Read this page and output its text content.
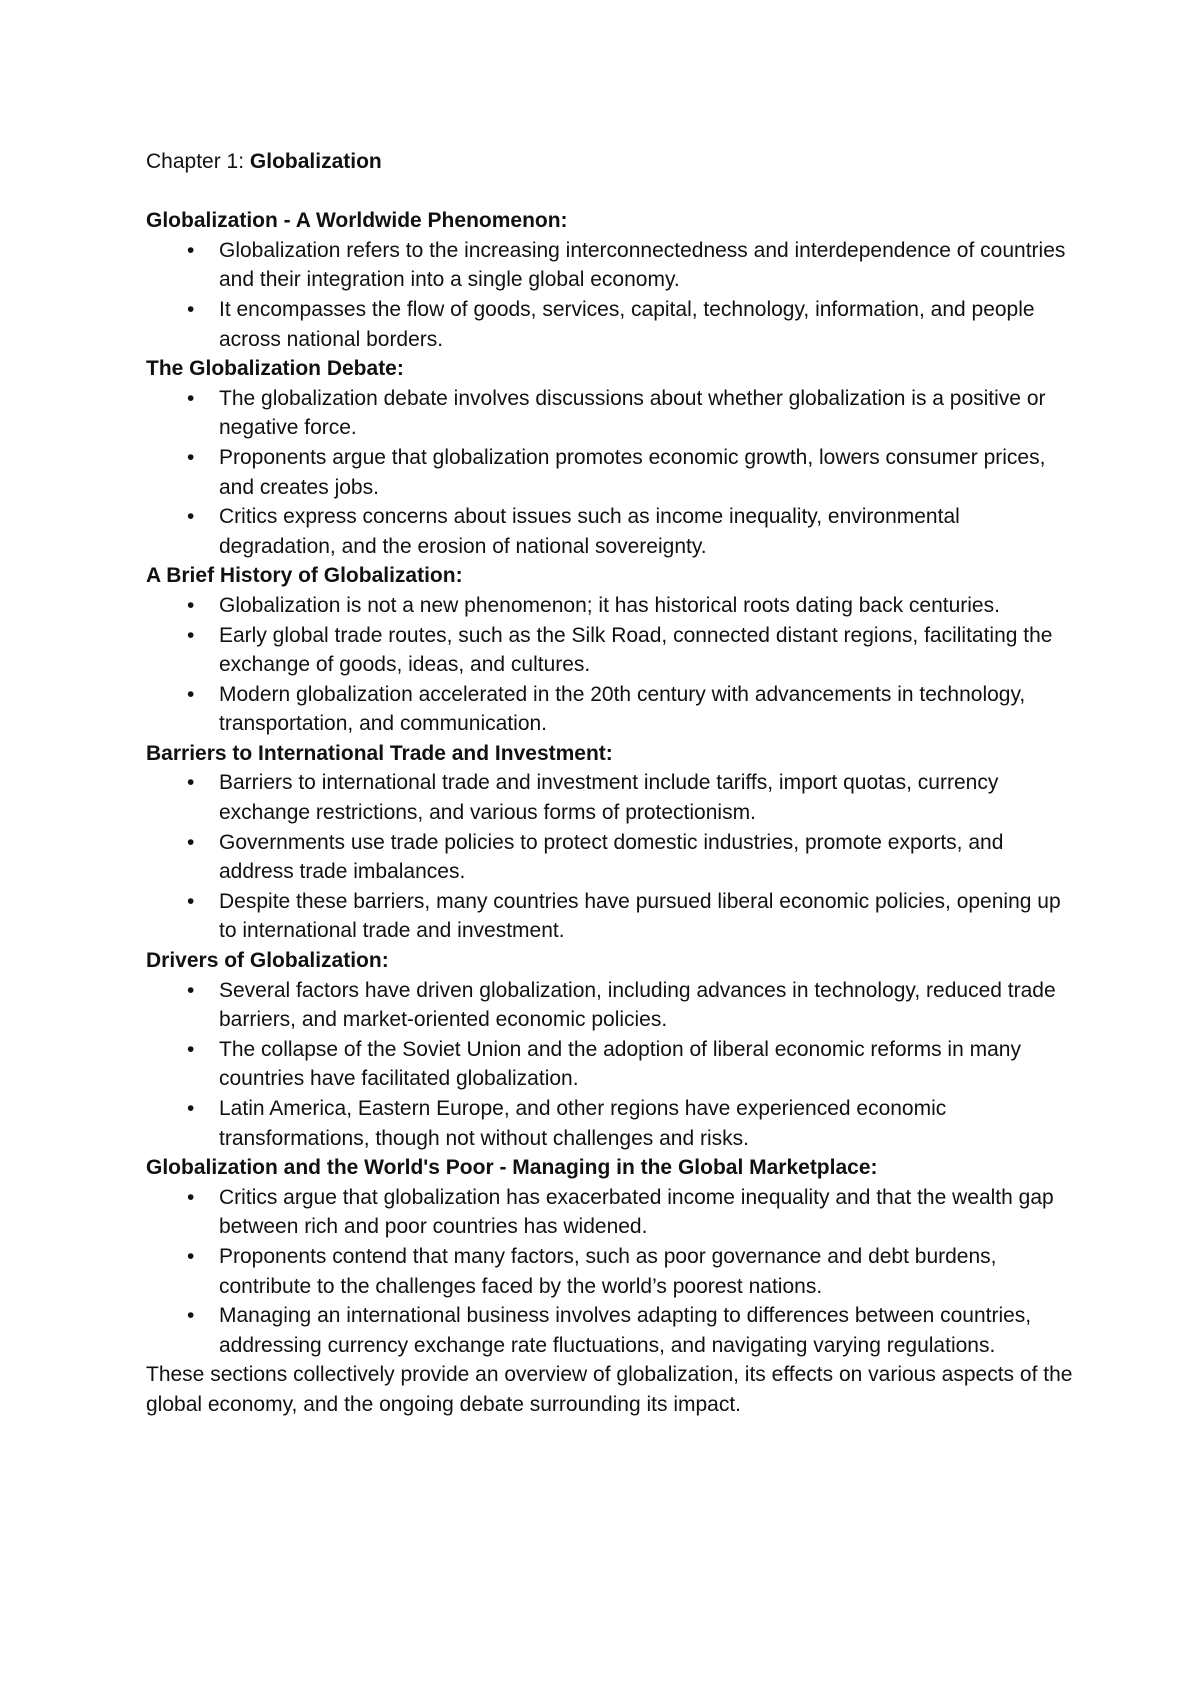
Chapter 1: Globalization

Globalization - A Worldwide Phenomenon:

• Globalization refers to the increasing interconnectedness and interdependence of countries and their integration into a single global economy.
• It encompasses the flow of goods, services, capital, technology, information, and people across national borders.

The Globalization Debate:

• The globalization debate involves discussions about whether globalization is a positive or negative force.
• Proponents argue that globalization promotes economic growth, lowers consumer prices, and creates jobs.
• Critics express concerns about issues such as income inequality, environmental degradation, and the erosion of national sovereignty.

A Brief History of Globalization:

• Globalization is not a new phenomenon; it has historical roots dating back centuries.
• Early global trade routes, such as the Silk Road, connected distant regions, facilitating the exchange of goods, ideas, and cultures.
• Modern globalization accelerated in the 20th century with advancements in technology, transportation, and communication.

Barriers to International Trade and Investment:

• Barriers to international trade and investment include tariffs, import quotas, currency exchange restrictions, and various forms of protectionism.
• Governments use trade policies to protect domestic industries, promote exports, and address trade imbalances.
• Despite these barriers, many countries have pursued liberal economic policies, opening up to international trade and investment.

Drivers of Globalization:

• Several factors have driven globalization, including advances in technology, reduced trade barriers, and market-oriented economic policies.
• The collapse of the Soviet Union and the adoption of liberal economic reforms in many countries have facilitated globalization.
• Latin America, Eastern Europe, and other regions have experienced economic transformations, though not without challenges and risks.

Globalization and the World's Poor - Managing in the Global Marketplace:

• Critics argue that globalization has exacerbated income inequality and that the wealth gap between rich and poor countries has widened.
• Proponents contend that many factors, such as poor governance and debt burdens, contribute to the challenges faced by the world’s poorest nations.
• Managing an international business involves adapting to differences between countries, addressing currency exchange rate fluctuations, and navigating varying regulations.

These sections collectively provide an overview of globalization, its effects on various aspects of the global economy, and the ongoing debate surrounding its impact.
